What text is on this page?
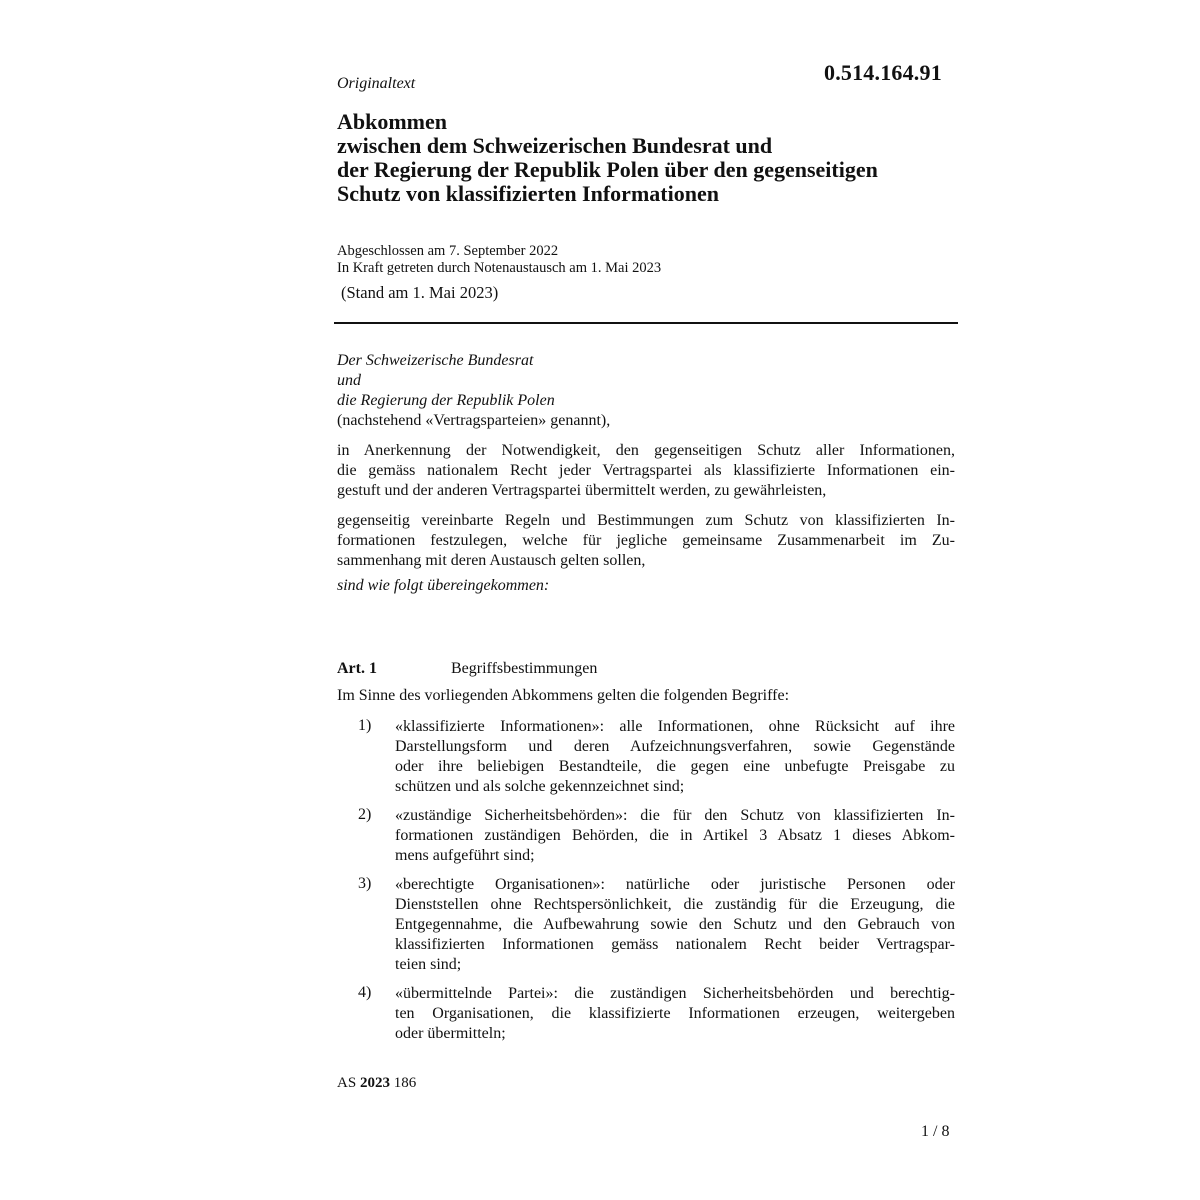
Originaltext	0.514.164.91
Abkommen
zwischen dem Schweizerischen Bundesrat und
der Regierung der Republik Polen über den gegenseitigen
Schutz von klassifizierten Informationen
Abgeschlossen am 7. September 2022
In Kraft getreten durch Notenaustausch am 1. Mai 2023
(Stand am 1. Mai 2023)
Der Schweizerische Bundesrat
und
die Regierung der Republik Polen
(nachstehend «Vertragsparteien» genannt),
in Anerkennung der Notwendigkeit, den gegenseitigen Schutz aller Informationen,
die gemäss nationalem Recht jeder Vertragspartei als klassifizierte Informationen ein-
gestuft und der anderen Vertragspartei übermittelt werden, zu gewährleisten,
gegenseitig vereinbarte Regeln und Bestimmungen zum Schutz von klassifizierten In-
formationen festzulegen, welche für jegliche gemeinsame Zusammenarbeit im Zu-
sammenhang mit deren Austausch gelten sollen,
sind wie folgt übereingekommen:
Art. 1	Begriffsbestimmungen
Im Sinne des vorliegenden Abkommens gelten die folgenden Begriffe:
1) «klassifizierte Informationen»: alle Informationen, ohne Rücksicht auf ihre
Darstellungsform und deren Aufzeichnungsverfahren, sowie Gegenstände
oder ihre beliebigen Bestandteile, die gegen eine unbefugte Preisgabe zu
schützen und als solche gekennzeichnet sind;
2) «zuständige Sicherheitsbehörden»: die für den Schutz von klassifizierten In-
formationen zuständigen Behörden, die in Artikel 3 Absatz 1 dieses Abkom-
mens aufgeführt sind;
3) «berechtigte Organisationen»: natürliche oder juristische Personen oder
Dienststellen ohne Rechtspersönlichkeit, die zuständig für die Erzeugung, die
Entgegennahme, die Aufbewahrung sowie den Schutz und den Gebrauch von
klassifizierten Informationen gemäss nationalem Recht beider Vertragspar-
teien sind;
4) «übermittelnde Partei»: die zuständigen Sicherheitsbehörden und berechtig-
ten Organisationen, die klassifizierte Informationen erzeugen, weitergeben
oder übermitteln;
AS 2023 186
1 / 8
